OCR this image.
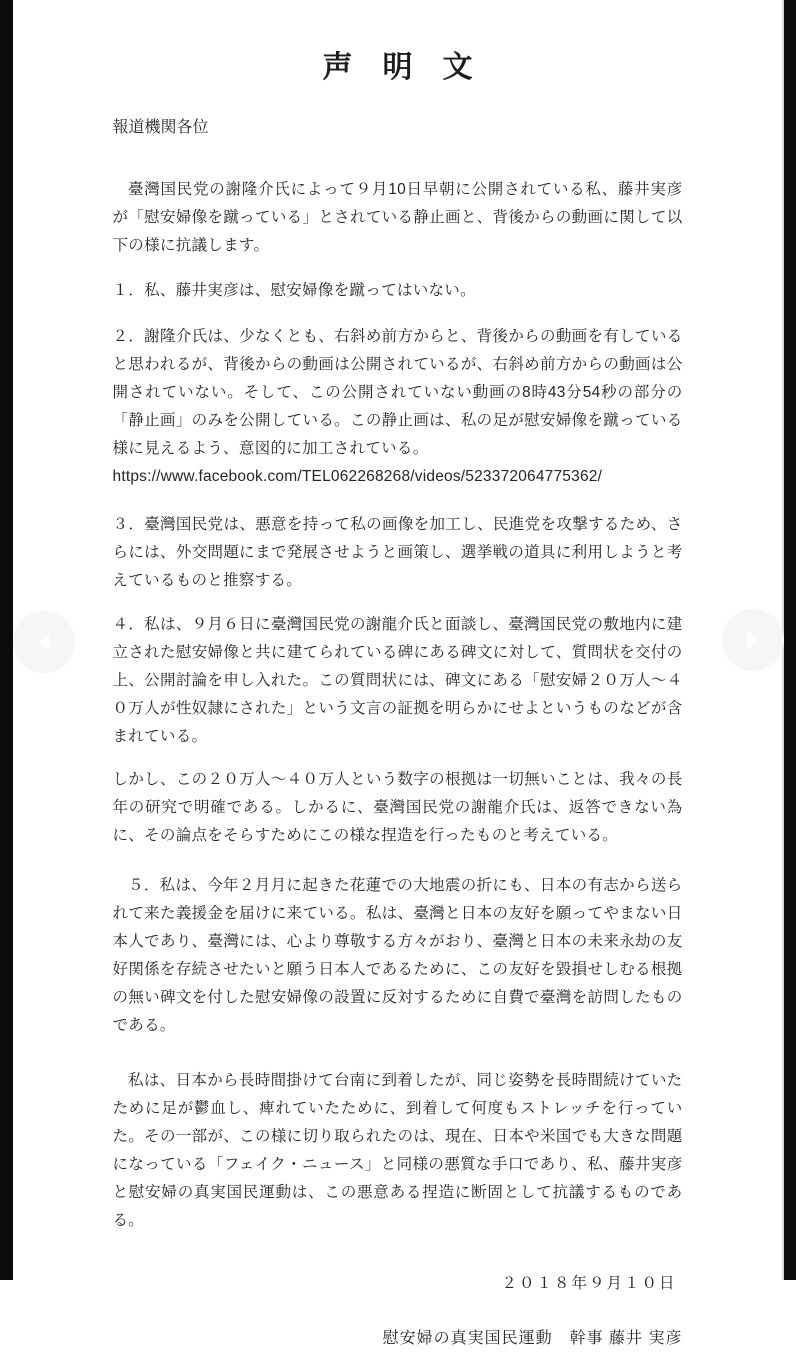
声　明　文
報道機関各位

臺灣国民党の謝隆介氏によって９月10日早朝に公開されている私、藤井実彦が「慰安婦像を蹴っている」とされている静止画と、背後からの動画に関して以下の様に抗議します。

１．私、藤井実彦は、慰安婦像を蹴ってはいない。

２．謝隆介氏は、少なくとも、右斜め前方からと、背後からの動画を有していると思われるが、背後からの動画は公開されているが、右斜め前方からの動画は公開されていない。そして、この公開されていない動画の8時43分54秒の部分の「静止画」のみを公開している。この静止画は、私の足が慰安婦像を蹴っている様に見えるよう、意図的に加工されている。

https://www.facebook.com/TEL062268268/videos/523372064775362/

３．臺灣国民党は、悪意を持って私の画像を加工し、民進党を攻撃するため、さらには、外交問題にまで発展させようと画策し、選挙戦の道具に利用しようと考えているものと推察する。

４．私は、９月６日に臺灣国民党の謝龍介氏と面談し、臺灣国民党の敷地内に建立された慰安婦像と共に建てられている碑にある碑文に対して、質問状を交付の上、公開討論を申し入れた。この質問状には、碑文にある「慰安婦２０万人～４０万人が性奴隷にされた」という文言の証拠を明らかにせよというものなどが含まれている。

しかし、この２０万人～４０万人という数字の根拠は一切無いことは、我々の長年の研究で明確である。しかるに、臺灣国民党の謝龍介氏は、返答できない為に、その論点をそらすためにこの様な捏造を行ったものと考えている。

５．私は、今年２月月に起きた花蓮での大地震の折にも、日本の有志から送られて来た義援金を届けに来ている。私は、臺灣と日本の友好を願ってやまない日本人であり、臺灣には、心より尊敬する方々がおり、臺灣と日本の未来永劫の友好関係を存続させたいと願う日本人であるために、この友好を毀損せしむる根拠の無い碑文を付した慰安婦像の設置に反対するために自費で臺灣を訪問したものである。

私は、日本から長時間掛けて台南に到着したが、同じ姿勢を長時間続けていたために足が鬱血し、痺れていたために、到着して何度もストレッチを行っていた。その一部が、この様に切り取られたのは、現在、日本や米国でも大きな問題になっている「フェイク・ニュース」と同様の悪質な手口であり、私、藤井実彦と慰安婦の真実国民運動は、この悪意ある捏造に断固として抗議するものである。

２０１８年９月１０日
慰安婦の真実国民運動　幹事 藤井 実彦
